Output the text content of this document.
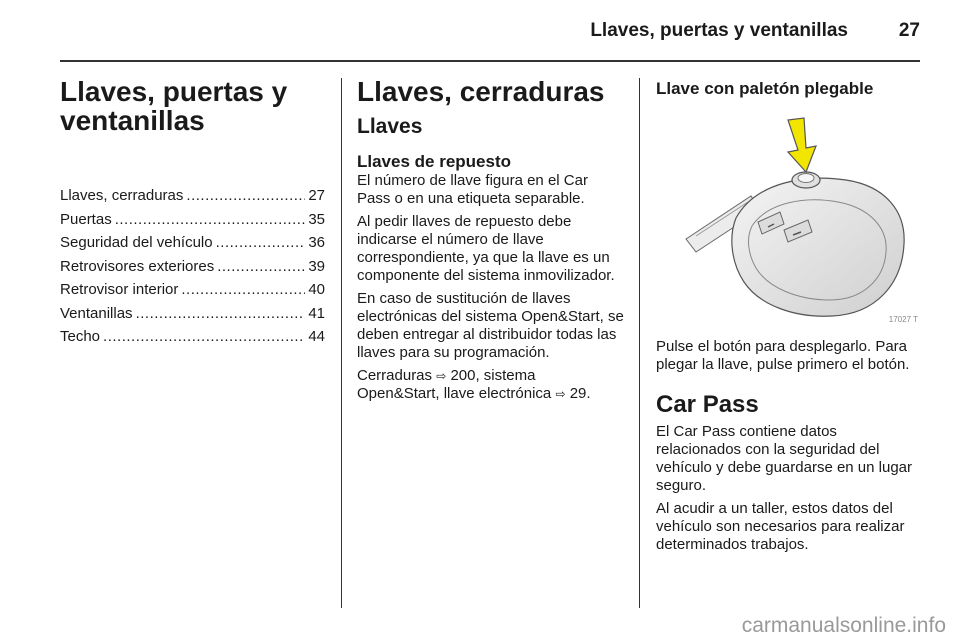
Llaves, puertas y ventanillas	27
Llaves, puertas y
ventanillas
Llaves, cerraduras .....	27
Puertas .....	35
Seguridad del vehículo .....	36
Retrovisores exteriores .....	39
Retrovisor interior .....	40
Ventanillas .....	41
Techo .....	44
Llaves, cerraduras
Llaves
Llaves de repuesto

El número de llave figura en el Car Pass o en una etiqueta separable.

Al pedir llaves de repuesto debe indicarse el número de llave correspondiente, ya que la llave es un componente del sistema inmovilizador.

En caso de sustitución de llaves electrónicas del sistema Open&Start, se deben entregar al distribuidor todas las llaves para su programación.

Cerraduras ⇨ 200, sistema
Open&Start, llave electrónica ⇨ 29.

Llave con paletón plegable
17027 T

Pulse el botón para desplegarlo. Para plegar la llave, pulse primero el botón.

Car Pass

El Car Pass contiene datos relacionados con la seguridad del vehículo y debe guardarse en un lugar seguro.

Al acudir a un taller, estos datos del vehículo son necesarios para realizar determinados trabajos.

carmanualsonline.info
